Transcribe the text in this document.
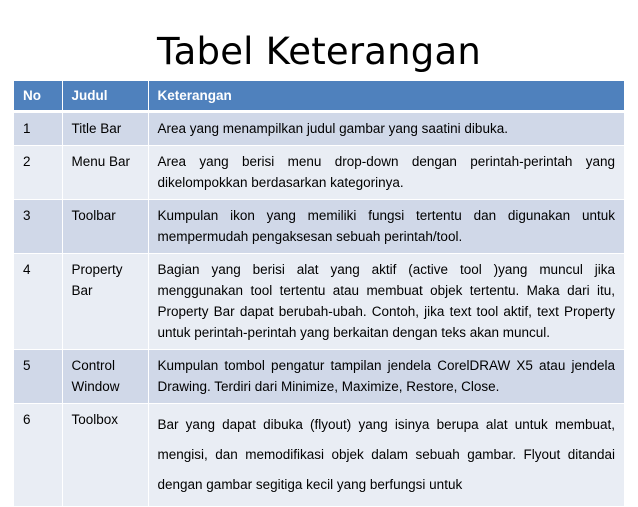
Tabel Keterangan
No	Judul	Keterangan
1	Title Bar	Area yang menampilkan judul gambar yang saatini dibuka.
2	Menu Bar	Area yang berisi menu drop-down dengan perintah-perintah yang dikelompokkan berdasarkan kategorinya.
3	Toolbar	Kumpulan ikon yang memiliki fungsi tertentu dan digunakan untuk mempermudah pengaksesan sebuah perintah/tool.
4	Property Bar	Bagian yang berisi alat yang aktif (active tool )yang muncul jika menggunakan tool tertentu atau membuat objek tertentu. Maka dari itu, Property Bar dapat berubah-ubah. Contoh, jika text tool aktif, text Property untuk perintah-perintah yang berkaitan dengan teks akan muncul.
5	Control Window	Kumpulan tombol pengatur tampilan jendela CorelDRAW X5 atau jendela Drawing. Terdiri dari Minimize, Maximize, Restore, Close.
6	Toolbox	Bar yang dapat dibuka (flyout) yang isinya berupa alat untuk membuat, mengisi, dan memodifikasi objek dalam sebuah gambar. Flyout ditandai dengan gambar segitiga kecil yang berfungsi untuk
